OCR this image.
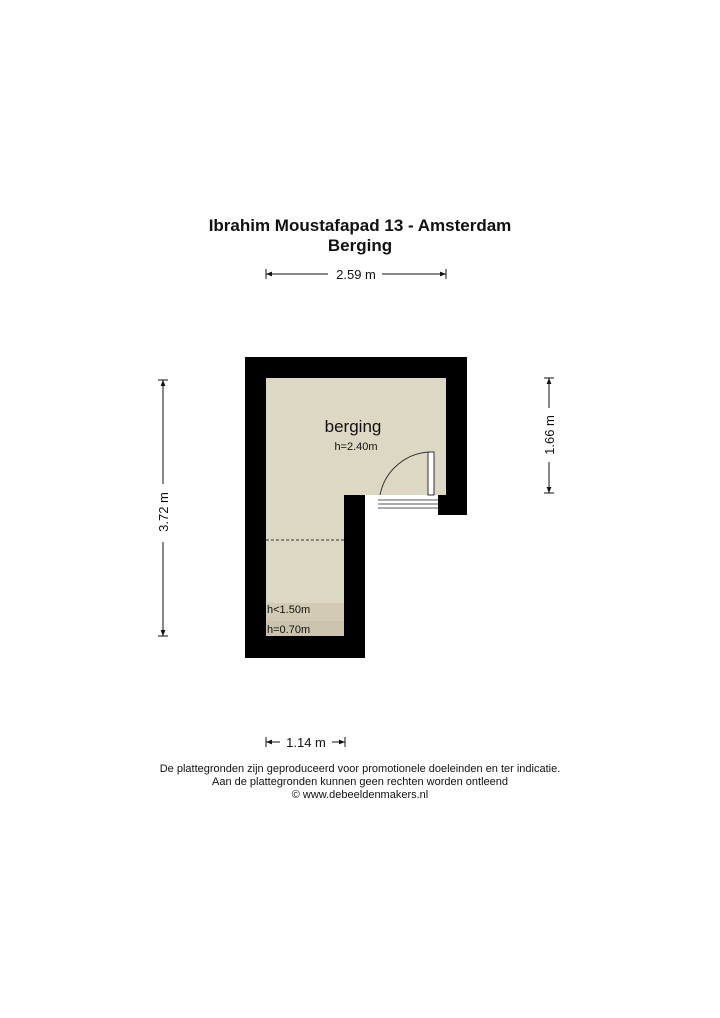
Ibrahim Moustafapad 13 - Amsterdam
Berging
2.59 m
3.72 m
1.66 m
berging
h=2.40m
h<1.50m
h=0.70m
1.14 m
De plattegronden zijn geproduceerd voor promotionele doeleinden en ter indicatie.
Aan de plattegronden kunnen geen rechten worden ontleend
© www.debeeldenmakers.nl
